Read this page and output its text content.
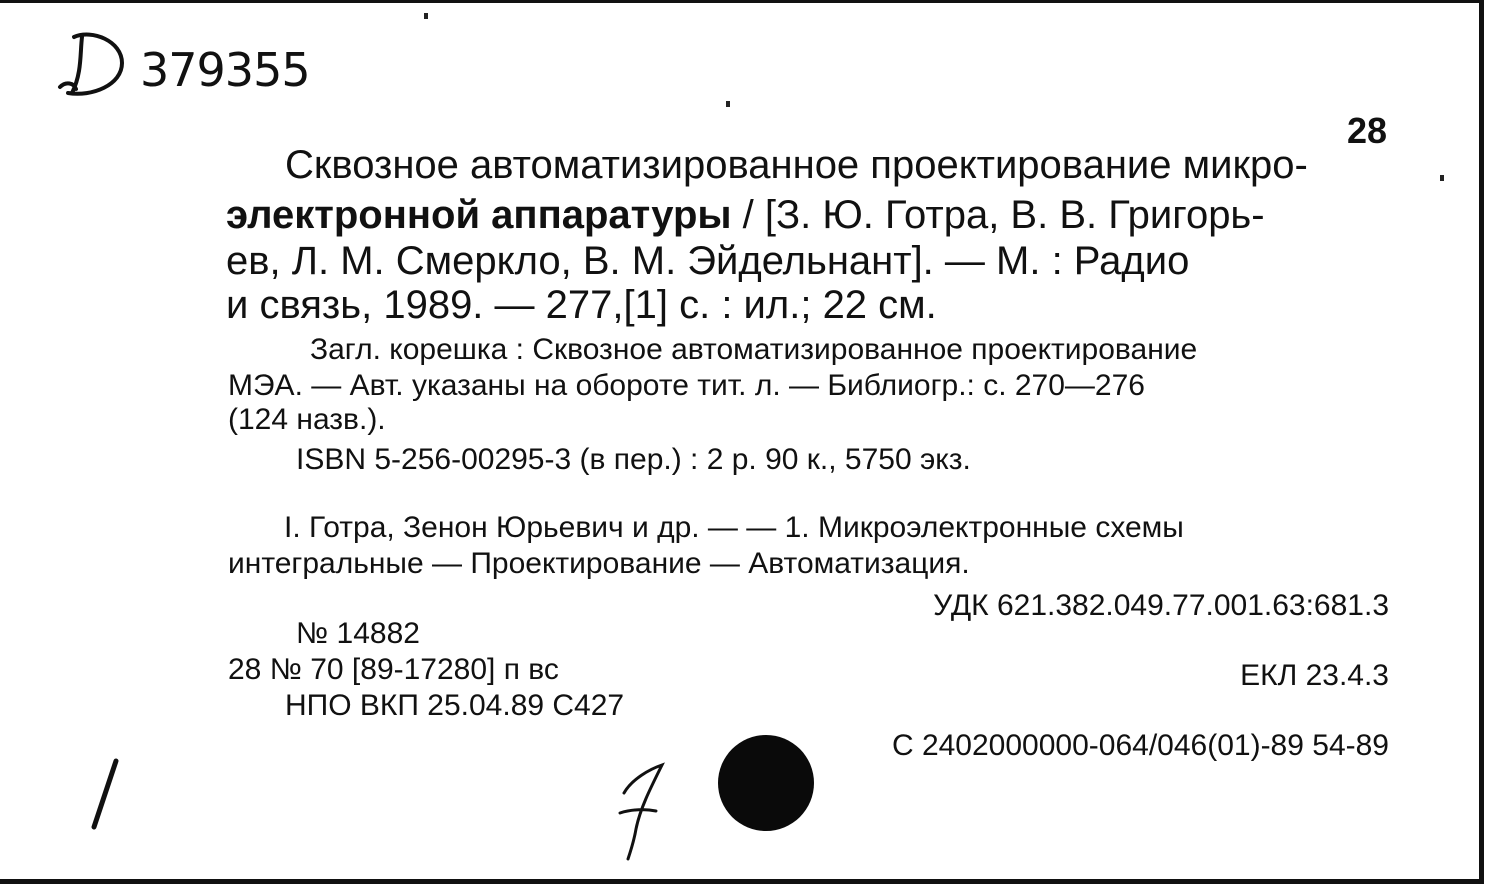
379355

28

Сквозное автоматизированное проектирование микро-

электронной аппаратуры / [З. Ю. Готра, В. В. Григорь-

ев, Л. М. Смеркло, В. М. Эйдельнант]. — М. : Радио

и связь, 1989. — 277,[1] с. : ил.; 22 см.

Загл. корешка : Сквозное автоматизированное проектирование

МЭА. — Авт. указаны на обороте тит. л. — Библиогр.: с. 270—276

(124 назв.).

ISBN 5-256-00295-3 (в пер.) : 2 р. 90 к., 5750 экз.

I. Готра, Зенон Юрьевич и др. — — 1. Микроэлектронные схемы

интегральные — Проектирование — Автоматизация.

УДК 621.382.049.77.001.63:681.3

№ 14882

28 № 70 [89-17280] п вс	ЕКЛ 23.4.3

НПО ВКП 25.04.89 С427

С 2402000000-064/046(01)-89 54-89
